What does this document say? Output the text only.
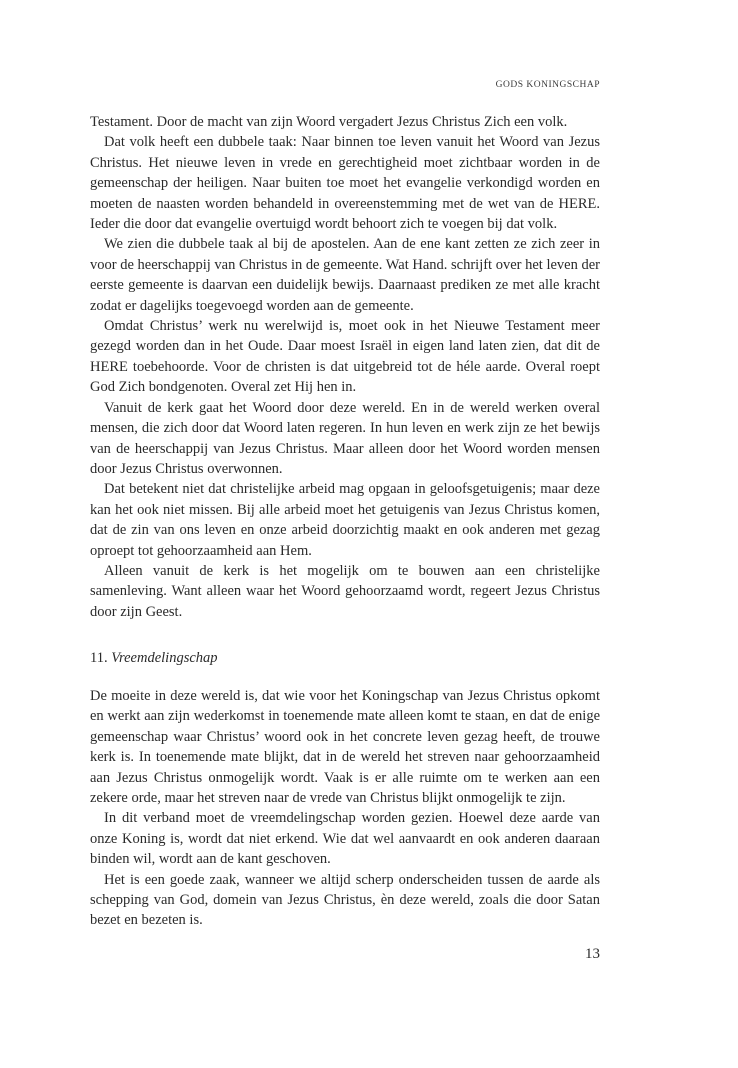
GODS KONINGSCHAP

Testament. Door de macht van zijn Woord vergadert Jezus Christus Zich een volk.

Dat volk heeft een dubbele taak: Naar binnen toe leven vanuit het Woord van Jezus Christus. Het nieuwe leven in vrede en gerechtigheid moet zichtbaar worden in de gemeenschap der heiligen. Naar buiten toe moet het evangelie verkondigd worden en moeten de naasten worden behandeld in overeenstemming met de wet van de HERE. Ieder die door dat evangelie overtuigd wordt behoort zich te voegen bij dat volk.

We zien die dubbele taak al bij de apostelen. Aan de ene kant zetten ze zich zeer in voor de heerschappij van Christus in de gemeente. Wat Hand. schrijft over het leven der eerste gemeente is daarvan een duidelijk bewijs. Daarnaast prediken ze met alle kracht zodat er dagelijks toegevoegd worden aan de gemeente.

Omdat Christus’ werk nu werelwijd is, moet ook in het Nieuwe Testament meer gezegd worden dan in het Oude. Daar moest Israël in eigen land laten zien, dat dit de HERE toebehoorde. Voor de christen is dat uitgebreid tot de héle aarde. Overal roept God Zich bondgenoten. Overal zet Hij hen in.

Vanuit de kerk gaat het Woord door deze wereld. En in de wereld werken overal mensen, die zich door dat Woord laten regeren. In hun leven en werk zijn ze het bewijs van de heerschappij van Jezus Christus. Maar alleen door het Woord worden mensen door Jezus Christus overwonnen.

Dat betekent niet dat christelijke arbeid mag opgaan in geloofsgetuigenis; maar deze kan het ook niet missen. Bij alle arbeid moet het getuigenis van Jezus Christus komen, dat de zin van ons leven en onze arbeid doorzichtig maakt en ook anderen met gezag oproept tot gehoorzaamheid aan Hem.

Alleen vanuit de kerk is het mogelijk om te bouwen aan een christelijke samenleving. Want alleen waar het Woord gehoorzaamd wordt, regeert Jezus Christus door zijn Geest.

11. Vreemdelingschap

De moeite in deze wereld is, dat wie voor het Koningschap van Jezus Christus opkomt en werkt aan zijn wederkomst in toenemende mate alleen komt te staan, en dat de enige gemeenschap waar Christus’ woord ook in het concrete leven gezag heeft, de trouwe kerk is. In toenemende mate blijkt, dat in de wereld het streven naar gehoorzaamheid aan Jezus Christus onmogelijk wordt. Vaak is er alle ruimte om te werken aan een zekere orde, maar het streven naar de vrede van Christus blijkt onmogelijk te zijn.

In dit verband moet de vreemdelingschap worden gezien. Hoewel deze aarde van onze Koning is, wordt dat niet erkend. Wie dat wel aanvaardt en ook anderen daaraan binden wil, wordt aan de kant geschoven.

Het is een goede zaak, wanneer we altijd scherp onderscheiden tussen de aarde als schepping van God, domein van Jezus Christus, èn deze wereld, zoals die door Satan bezet en bezeten is.

13
